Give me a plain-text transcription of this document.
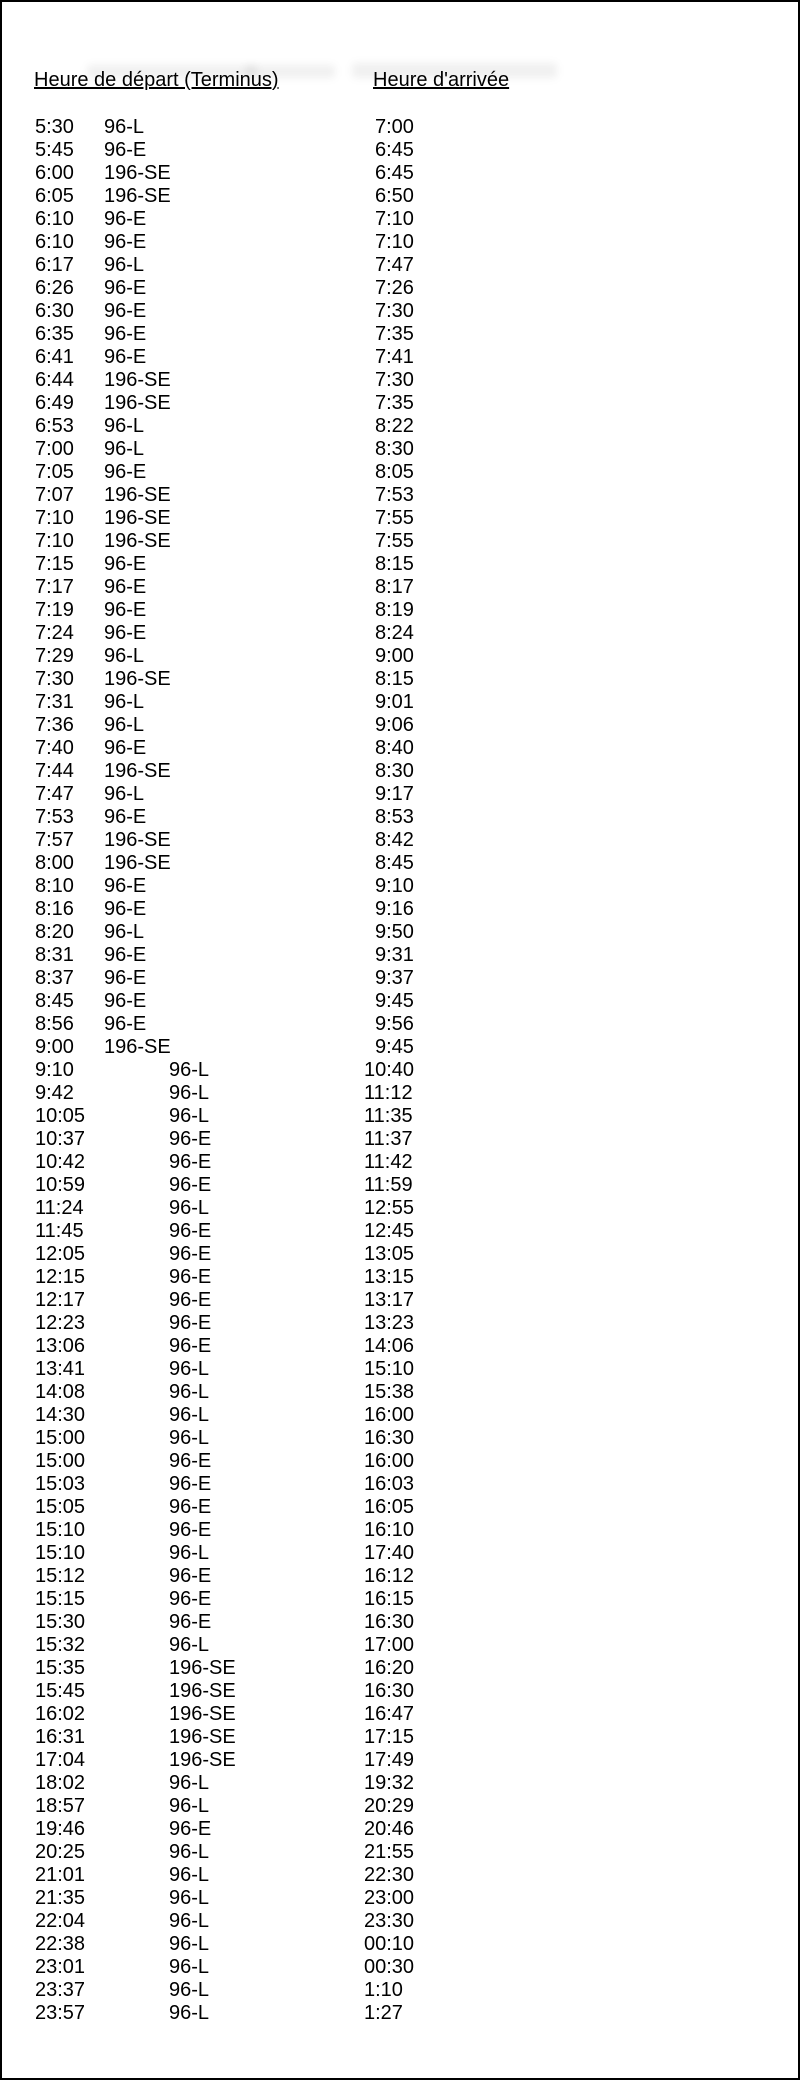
Heure de départ (Terminus)	Heure d'arrivée
5:30 96-L	7:00
5:45 96-E	6:45
6:00 196-SE	6:45
6:05 196-SE	6:50
6:10 96-E	7:10
6:10 96-E	7:10
6:17 96-L	7:47
6:26 96-E	7:26
6:30 96-E	7:30
6:35 96-E	7:35
6:41 96-E	7:41
6:44 196-SE	7:30
6:49 196-SE	7:35
6:53 96-L	8:22
7:00 96-L	8:30
7:05 96-E	8:05
7:07 196-SE	7:53
7:10 196-SE	7:55
7:10 196-SE	7:55
7:15 96-E	8:15
7:17 96-E	8:17
7:19 96-E	8:19
7:24 96-E	8:24
7:29 96-L	9:00
7:30 196-SE	8:15
7:31 96-L	9:01
7:36 96-L	9:06
7:40 96-E	8:40
7:44 196-SE	8:30
7:47 96-L	9:17
7:53 96-E	8:53
7:57 196-SE	8:42
8:00 196-SE	8:45
8:10 96-E	9:10
8:16 96-E	9:16
8:20 96-L	9:50
8:31 96-E	9:31
8:37 96-E	9:37
8:45 96-E	9:45
8:56 96-E	9:56
9:00 196-SE	9:45
9:10	96-L	10:40
9:42	96-L	11:12
10:05	96-L	11:35
10:37	96-E	11:37
10:42	96-E	11:42
10:59	96-E	11:59
11:24	96-L	12:55
11:45	96-E	12:45
12:05	96-E	13:05
12:15	96-E	13:15
12:17	96-E	13:17
12:23	96-E	13:23
13:06	96-E	14:06
13:41	96-L	15:10
14:08	96-L	15:38
14:30	96-L	16:00
15:00	96-L	16:30
15:00	96-E	16:00
15:03	96-E	16:03
15:05	96-E	16:05
15:10	96-E	16:10
15:10	96-L	17:40
15:12	96-E	16:12
15:15	96-E	16:15
15:30	96-E	16:30
15:32	96-L	17:00
15:35	196-SE	16:20
15:45	196-SE	16:30
16:02	196-SE	16:47
16:31	196-SE	17:15
17:04	196-SE	17:49
18:02	96-L	19:32
18:57	96-L	20:29
19:46	96-E	20:46
20:25	96-L	21:55
21:01	96-L	22:30
21:35	96-L	23:00
22:04	96-L	23:30
22:38	96-L	00:10
23:01	96-L	00:30
23:37	96-L	1:10
23:57	96-L	1:27
